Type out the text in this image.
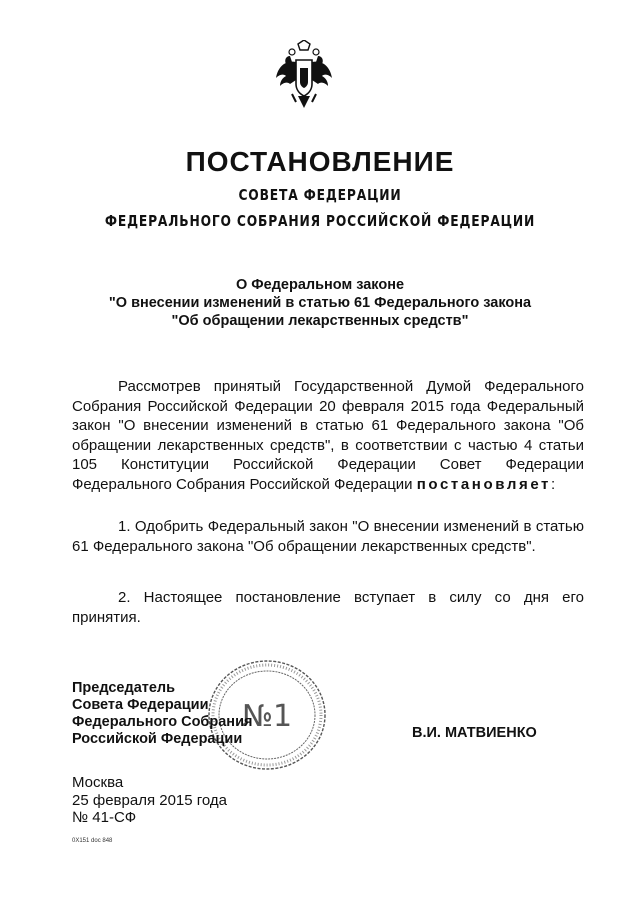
ПОСТАНОВЛЕНИЕ
СОВЕТА ФЕДЕРАЦИИ
ФЕДЕРАЛЬНОГО СОБРАНИЯ РОССИЙСКОЙ ФЕДЕРАЦИИ
О Федеральном законе
"О внесении изменений в статью 61 Федерального закона
"Об обращении лекарственных средств"
Рассмотрев принятый Государственной Думой Федерального Собрания Российской Федерации 20 февраля 2015 года Федеральный закон "О внесении изменений в статью 61 Федерального закона "Об обращении лекарственных средств", в соответствии с частью 4 статьи 105 Конституции Российской Федерации Совет Федерации Федерального Собрания Российской Федерации постановляет:
1. Одобрить Федеральный закон "О внесении изменений в статью 61 Федерального закона "Об обращении лекарственных средств".
2. Настоящее постановление вступает в силу со дня его принятия.
№1
Председатель
Совета Федерации
Федерального Собрания
Российской Федерации	В.И. МАТВИЕНКО
Москва
25 февраля 2015 года
№ 41-СФ
0X151 doc 848
